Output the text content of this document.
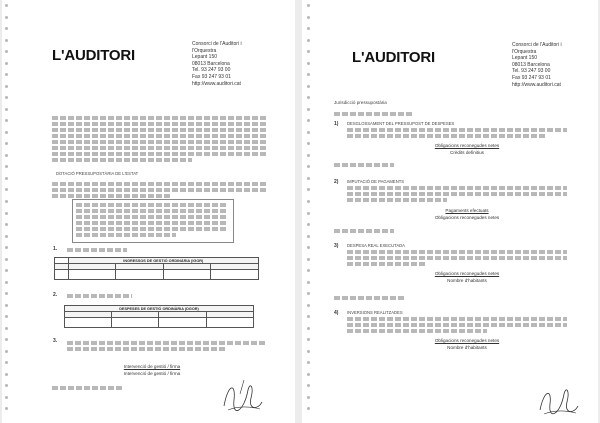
L'AUDITORI
Consorci de l'Auditori i
l'Orquestra
Lepant 150
08013 Barcelona
Tel. 93 247 93 00
Fax 93 247 93 01
http://www.auditori.cat
DOTACIÓ PRESSUPOSTÀRIA DE L'ESTAT
1.
	INGRESSOS DE GESTIÓ ORDINÀRIA (IGOR)			

2.
DESPESES DE GESTIÓ ORDINÀRIA (DGOR)			

3.
Intervenció de gestió / firma
Intervenció de gestió / firma
L'AUDITORI
Consorci de l'Auditori i
l'Orquestra
Lepant 150
08013 Barcelona
Tel. 93 247 93 00
Fax 93 247 93 01
http://www.auditori.cat
Jurisdicció pressupostària
1) DESGLOSSAMENT DEL PRESSUPOST DE DESPESES
Obligacions reconegudes netes
Crèdits definitius
2) IMPUTACIÓ DE PAGAMENTS
Pagaments efectuats
Obligacions reconegudes netes
3) DESPESA REAL EXECUTADA
Obligacions reconegudes netes
Nombre d'habitants
4) INVERSIONS REALITZADES
Obligacions reconegudes netes
Nombre d'habitants
